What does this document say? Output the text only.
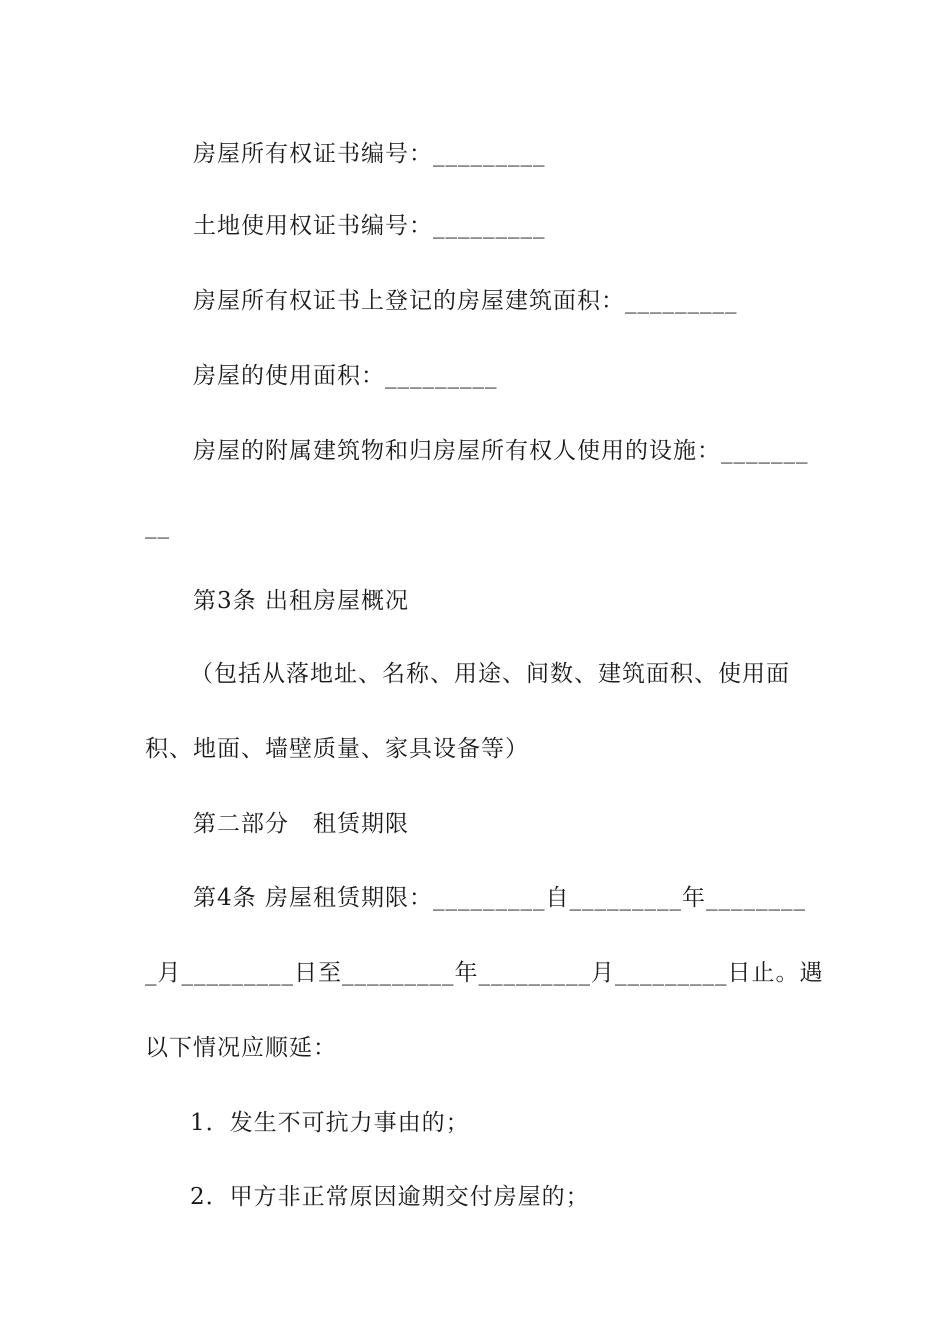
房屋所有权证书编号：_________
土地使用权证书编号：_________
房屋所有权证书上登记的房屋建筑面积：_________
房屋的使用面积：_________
房屋的附属建筑物和归房屋所有权人使用的设施：_______
__
第3条 出租房屋概况
（包括从落地址、名称、用途、间数、建筑面积、使用面
积、地面、墙壁质量、家具设备等）
第二部分　租赁期限
第4条 房屋租赁期限：_________自_________年________
_月_________日至_________年_________月_________日止。遇
以下情况应顺延：
1．发生不可抗力事由的；
2．甲方非正常原因逾期交付房屋的；
